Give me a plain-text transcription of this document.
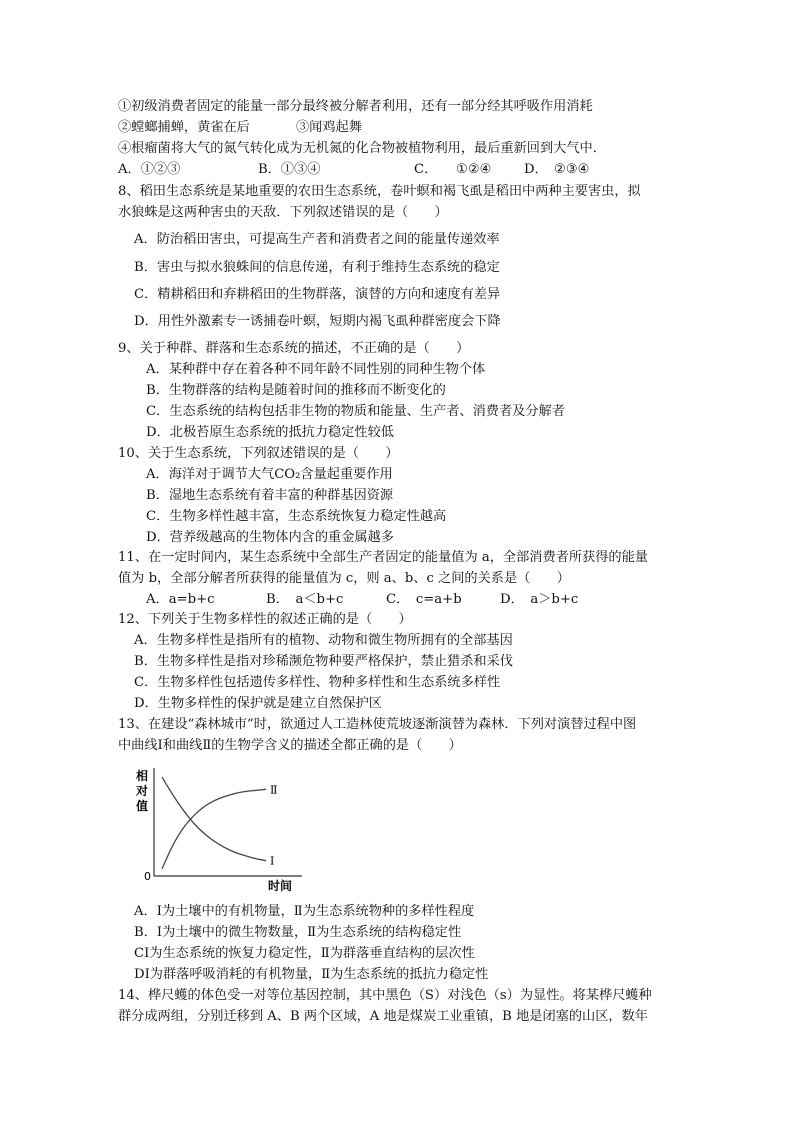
①初级消费者固定的能量一部分最终被分解者利用，还有一部分经其呼吸作用消耗
②螳螂捕蝉，黄雀在后	③闻鸡起舞
④根瘤菌将大气的氮气转化成为无机氮的化合物被植物利用，最后重新回到大气中．
A．①②③	B．①③④	C． ①②④ D． ②③④
8、稻田生态系统是某地重要的农田生态系统，卷叶螟和褐飞虱是稻田中两种主要害虫，拟
水狼蛛是这两种害虫的天敌．下列叙述错误的是（　　）
A．防治稻田害虫，可提高生产者和消费者之间的能量传递效率
B．害虫与拟水狼蛛间的信息传递，有利于维持生态系统的稳定
C．精耕稻田和弃耕稻田的生物群落，演替的方向和速度有差异
D．用性外激素专一诱捕卷叶螟，短期内褐飞虱种群密度会下降
9、关于种群、群落和生态系统的描述，不正确的是（　　）
A．某种群中存在着各种不同年龄不同性别的同种生物个体
B．生物群落的结构是随着时间的推移而不断变化的
C．生态系统的结构包括非生物的物质和能量、生产者、消费者及分解者
D．北极苔原生态系统的抵抗力稳定性较低
10、关于生态系统，下列叙述错误的是（　　）
A．海洋对于调节大气CO₂含量起重要作用
B．湿地生态系统有着丰富的种群基因资源
C．生物多样性越丰富，生态系统恢复力稳定性越高
D．营养级越高的生物体内含的重金属越多
11、在一定时间内，某生态系统中全部生产者固定的能量值为 a，全部消费者所获得的能量
值为 b，全部分解者所获得的能量值为 c，则 a、b、c 之间的关系是（　　）
A．a=b+c	B．　a＜b+c	C．　c=a+b	D．　a＞b+c
12、下列关于生物多样性的叙述正确的是（　　）
A．生物多样性是指所有的植物、动物和微生物所拥有的全部基因
B．生物多样性是指对珍稀濒危物种要严格保护，禁止猎杀和采伐
C．生物多样性包括遗传多样性、物种多样性和生态系统多样性
D．生物多样性的保护就是建立自然保护区
13、在建设“森林城市”时，欲通过人工造林使荒坡逐渐演替为森林．下列对演替过程中图
中曲线Ⅰ和曲线Ⅱ的生物学含义的描述全都正确的是（　　）
相
对
值
0
时间
Ⅱ
Ⅰ
A．Ⅰ为土壤中的有机物量，Ⅱ为生态系统物种的多样性程度
B．Ⅰ为土壤中的微生物数量，Ⅱ为生态系统的结构稳定性
CⅠ为生态系统的恢复力稳定性，Ⅱ为群落垂直结构的层次性
DⅠ为群落呼吸消耗的有机物量，Ⅱ为生态系统的抵抗力稳定性
14、桦尺蠖的体色受一对等位基因控制，其中黑色（S）对浅色（s）为显性。将某桦尺蠖种
群分成两组，分别迁移到 A、B 两个区域，A 地是煤炭工业重镇，B 地是闭塞的山区，数年
